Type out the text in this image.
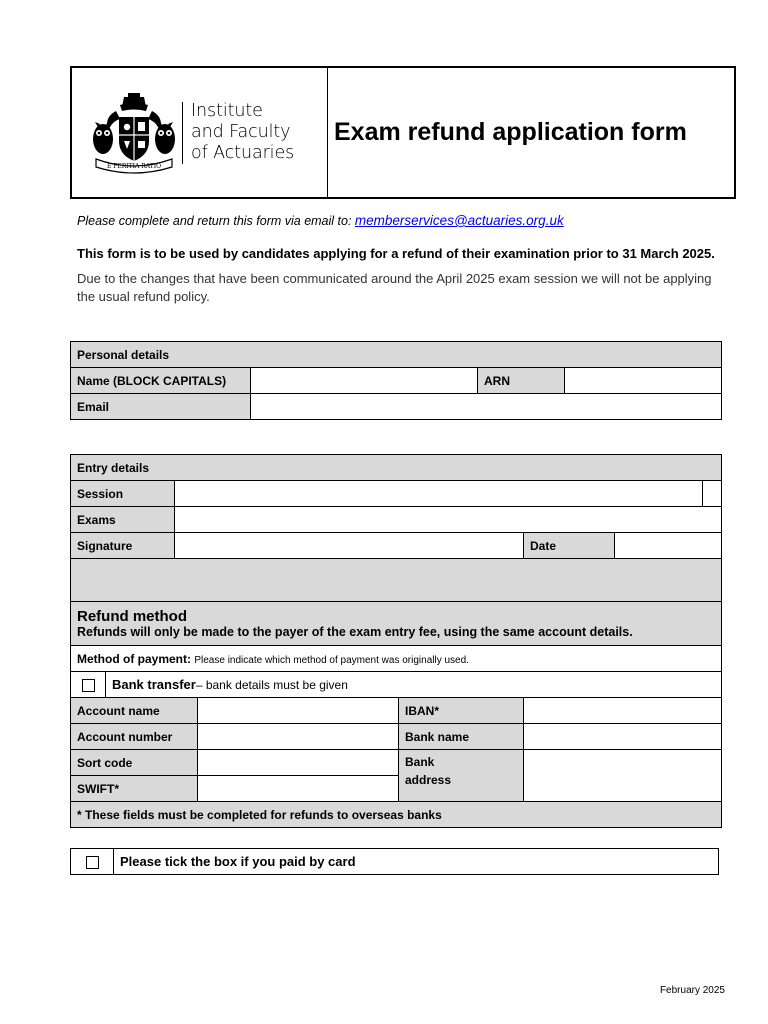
E PERITIA RATIO
Institute
and Faculty
of Actuaries
Exam refund application form
Please complete and return this form via email to: memberservices@actuaries.org.uk
This form is to be used by candidates applying for a refund of their examination prior to 31 March 2025.
Due to the changes that have been communicated around the April 2025 exam session we will not be applying the usual refund policy.
Personal details			
Name (BLOCK CAPITALS)		ARN	
Email	
Entry details							
Session		
Exams	
Signature					Date	

Refund method
Refunds will only be made to the payer of the exam entry fee, using the same account details.							

Method of payment: Please indicate which method of payment was originally used.							
	Bank transfer– bank details must be given						
Account name				IBAN*	
Account number				Bank name	
Sort code				Bank
address

SWIFT*	
* These fields must be completed for refunds to overseas banks							
	Please tick the box if you paid by card
February 2025
